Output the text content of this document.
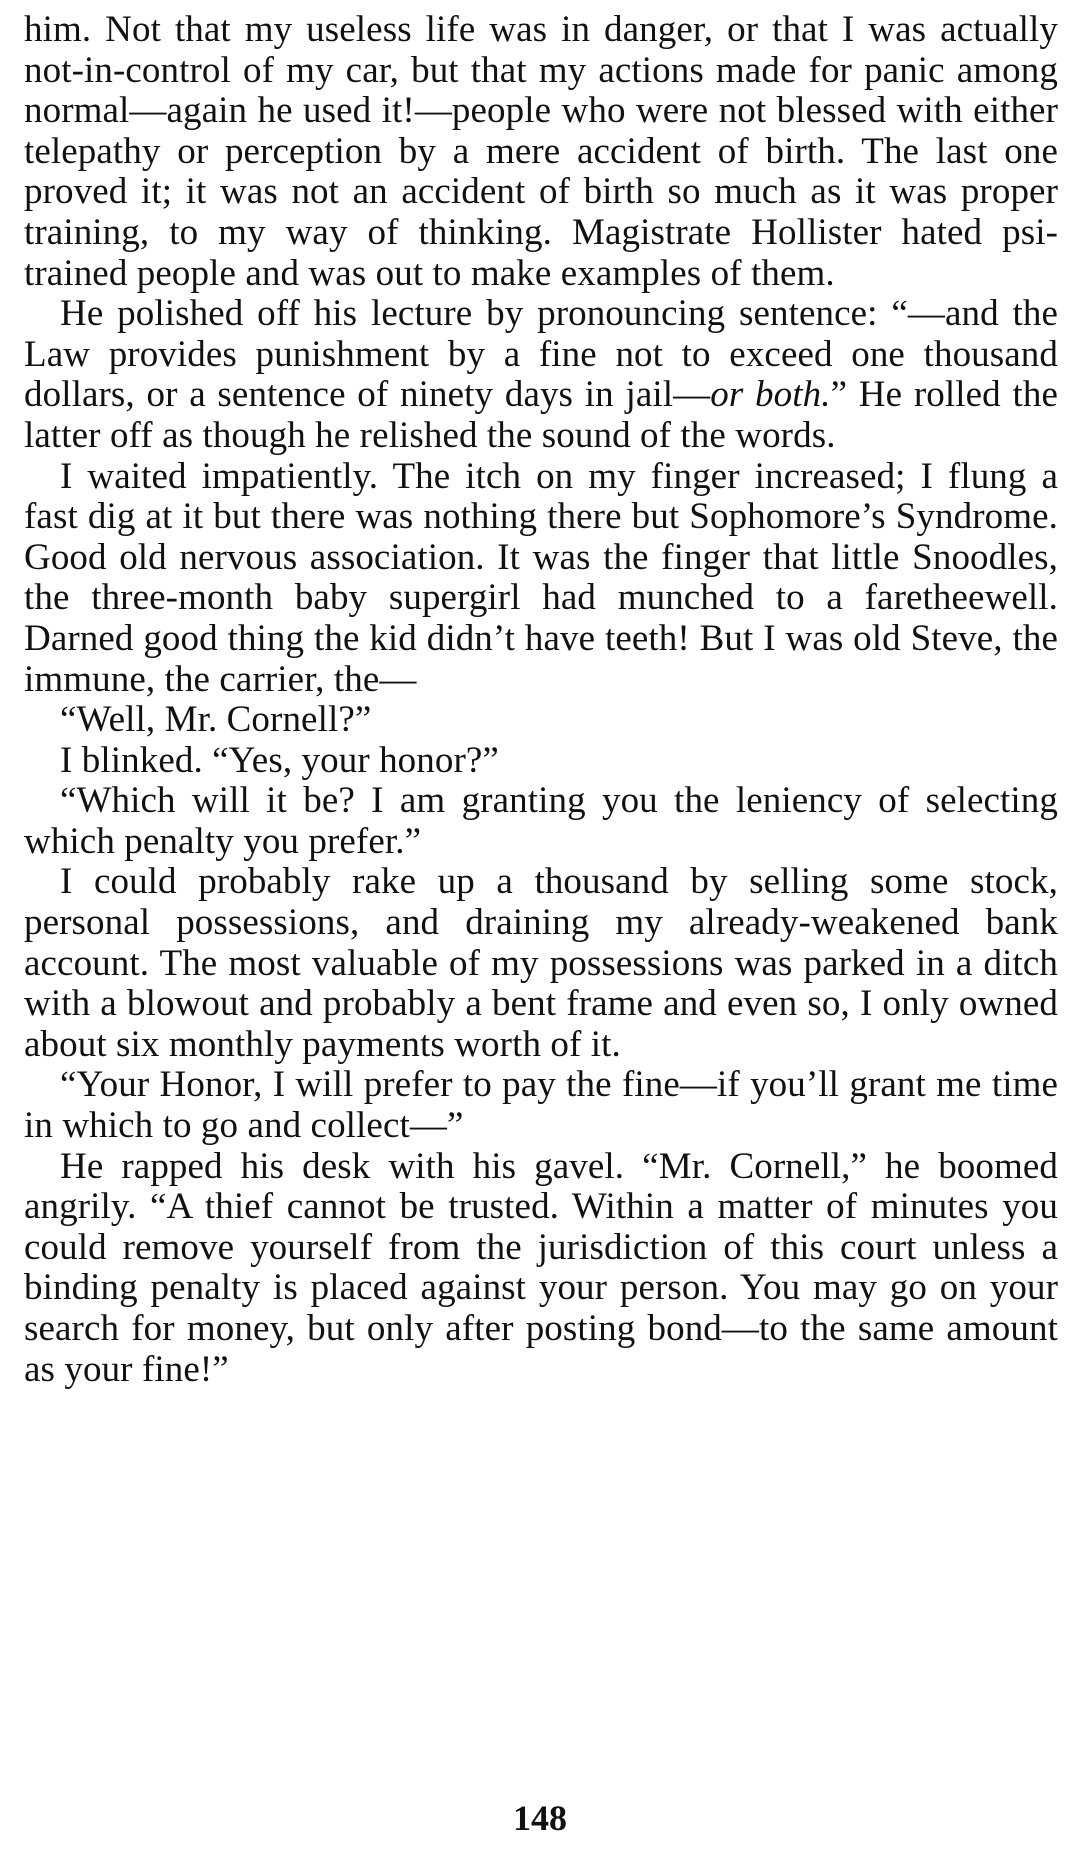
him. Not that my useless life was in danger, or that I was actually not-in-control of my car, but that my actions made for panic among normal—again he used it!—people who were not blessed with either telepathy or perception by a mere accident of birth. The last one proved it; it was not an accident of birth so much as it was proper training, to my way of thinking. Magistrate Hollister hated psi-trained people and was out to make examples of them.

He polished off his lecture by pronouncing sentence: “—and the Law provides punishment by a fine not to exceed one thousand dollars, or a sentence of ninety days in jail—or both.” He rolled the latter off as though he relished the sound of the words.

I waited impatiently. The itch on my finger increased; I flung a fast dig at it but there was nothing there but Sophomore’s Syndrome. Good old nervous association. It was the finger that little Snoodles, the three-month baby supergirl had munched to a faretheewell. Darned good thing the kid didn’t have teeth! But I was old Steve, the immune, the carrier, the—

“Well, Mr. Cornell?”

I blinked. “Yes, your honor?”

“Which will it be? I am granting you the leniency of selecting which penalty you prefer.”

I could probably rake up a thousand by selling some stock, personal possessions, and draining my already-weakened bank account. The most valuable of my possessions was parked in a ditch with a blowout and probably a bent frame and even so, I only owned about six monthly payments worth of it.

“Your Honor, I will prefer to pay the fine—if you’ll grant me time in which to go and collect—”

He rapped his desk with his gavel. “Mr. Cornell,” he boomed angrily. “A thief cannot be trusted. Within a matter of minutes you could remove yourself from the jurisdiction of this court unless a binding penalty is placed against your person. You may go on your search for money, but only after posting bond—to the same amount as your fine!”

148
